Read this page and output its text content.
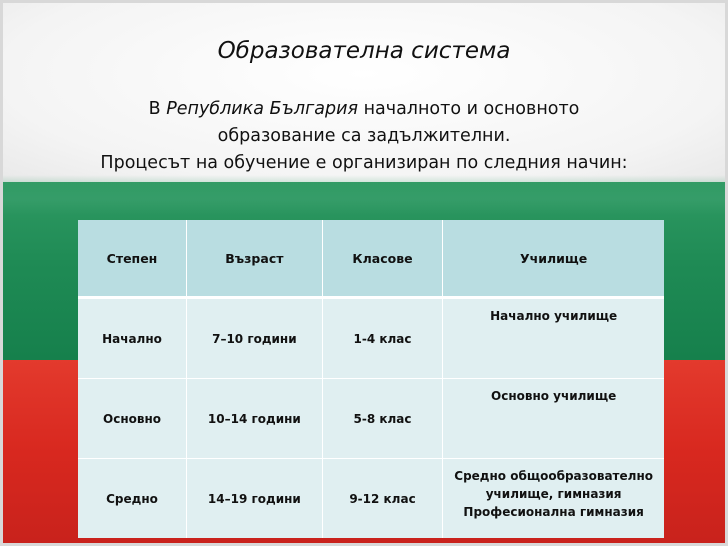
Образователна система
В Република България началното и основното
образование са задължителни.
Процесът на обучение е организиран по следния начин:
Степен	Възраст	Класове	Училище
Начално	7–10 години	1-4 клас	Начално училище

Основно	10–14 години	5-8 клас	Основно училище

Средно	14–19 години	9-12 клас	Средно общообразователно
училище, гимназия
Професионална гимназия
